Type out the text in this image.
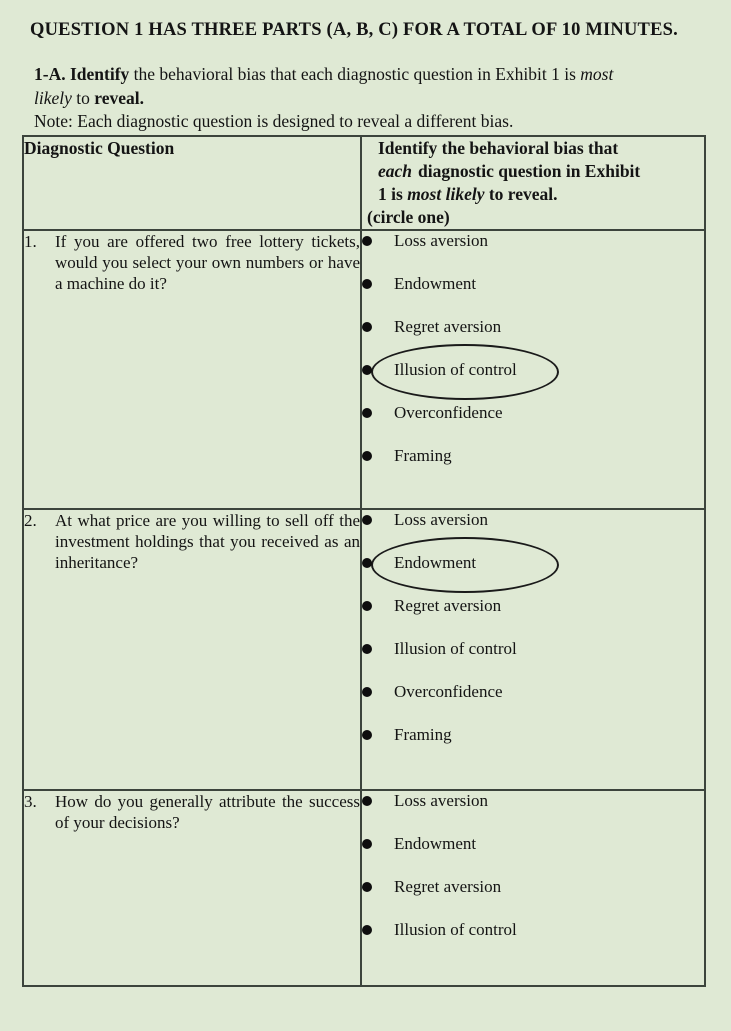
QUESTION 1 HAS THREE PARTS (A, B, C) FOR A TOTAL OF 10 MINUTES.
1-A. Identify the behavioral bias that each diagnostic question in Exhibit 1 is most
likely to reveal.
Note: Each diagnostic question is designed to reveal a different bias.
Diagnostic Question	Identify the behavioral bias that
each diagnostic question in Exhibit
1 is most likely to reveal.
(circle one)

1.	If you are offered two free lottery tickets, would you select your own numbers or have a machine do it?

Loss aversion
Endowment
Regret aversion
Illusion of control
Overconfidence
Framing

2.	At what price are you willing to sell off the investment holdings that you received as an inheritance?

Loss aversion
Endowment
Regret aversion
Illusion of control
Overconfidence
Framing

3.	How do you generally attribute the success of your decisions?

Loss aversion
Endowment
Regret aversion
Illusion of control
